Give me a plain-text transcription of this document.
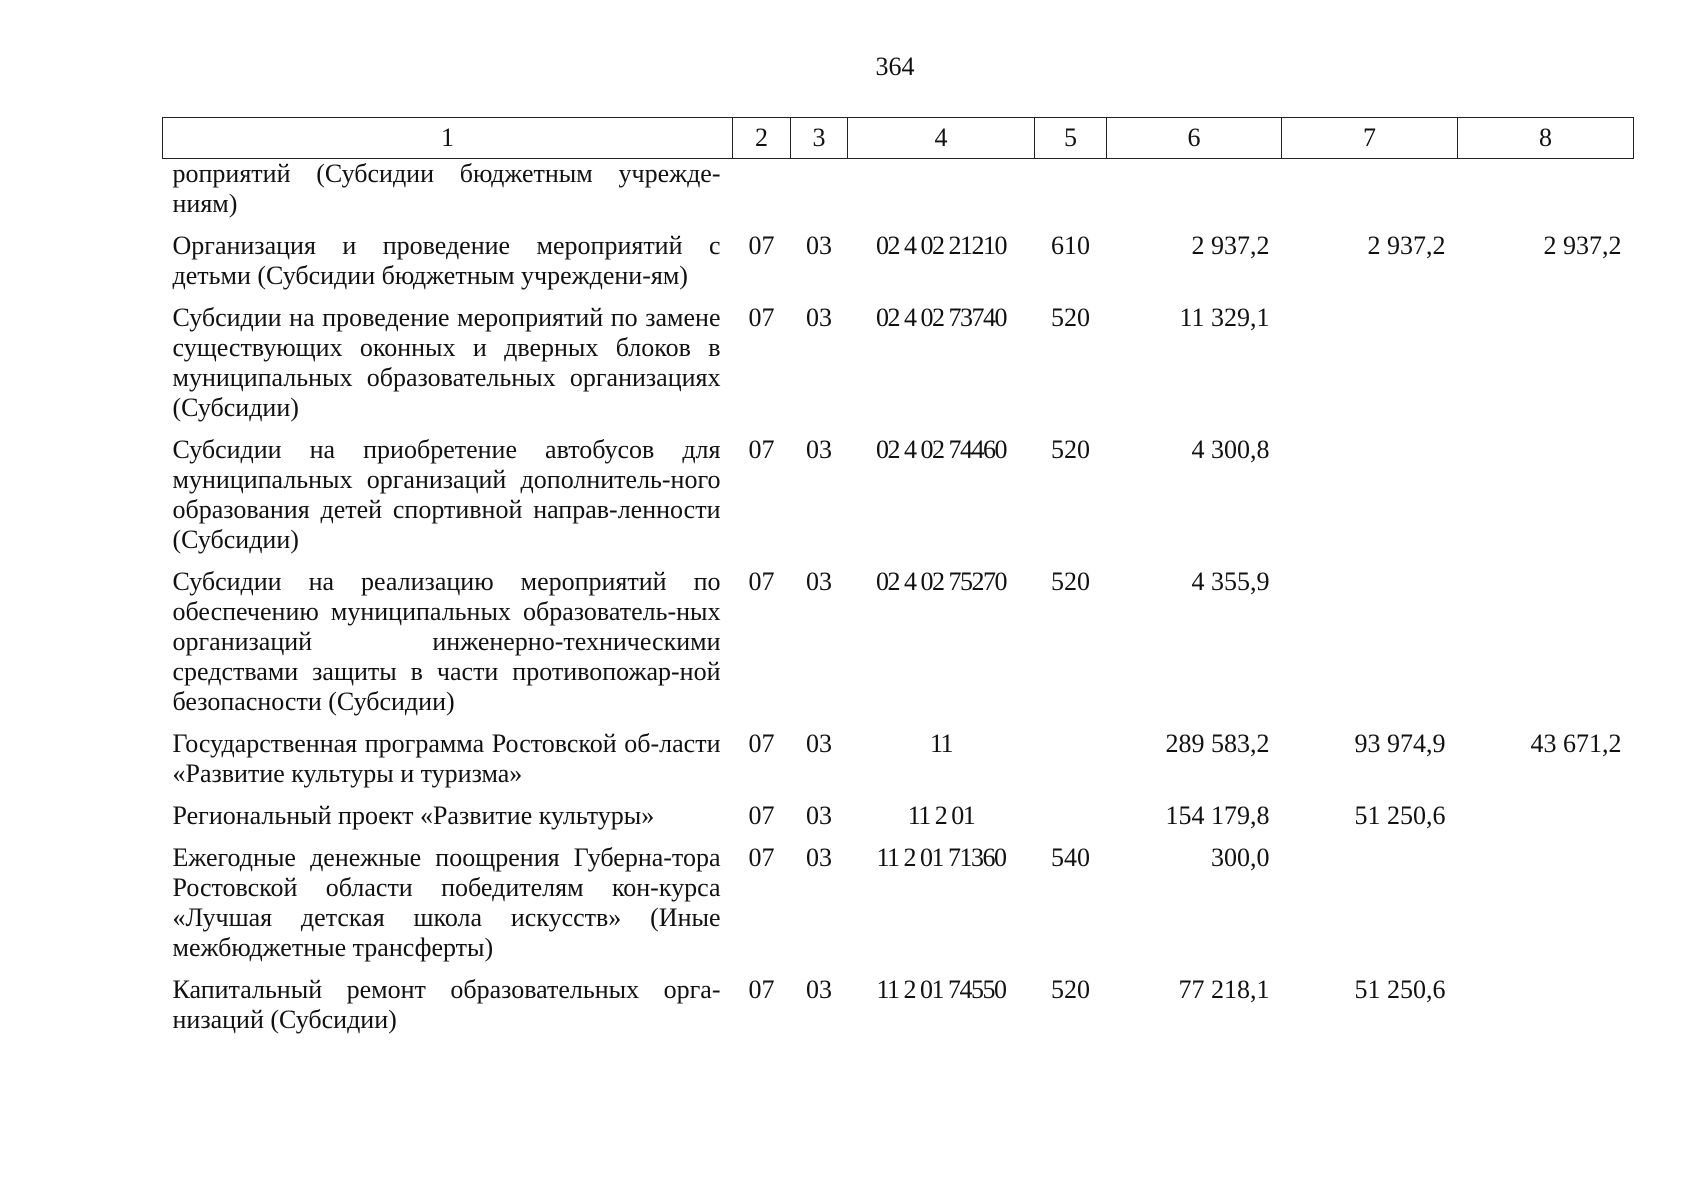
364
1	2	3	4	5	6	7	8
роприятий (Субсидии бюджетным учрежде-ниям)							
Организация и проведение мероприятий с детьми (Субсидии бюджетным учреждени-ям)	07	03	02 4 02 21210	610	2 937,2	2 937,2	2 937,2
Субсидии на проведение мероприятий по замене существующих оконных и дверных блоков в муниципальных образовательных организациях (Субсидии)	07	03	02 4 02 73740	520	11 329,1		
Субсидии на приобретение автобусов для муниципальных организаций дополнитель-ного образования детей спортивной направ-ленности (Субсидии)	07	03	02 4 02 74460	520	4 300,8		
Субсидии на реализацию мероприятий по обеспечению муниципальных образователь-ных организаций инженерно-техническими средствами защиты в части противопожар-ной безопасности (Субсидии)	07	03	02 4 02 75270	520	4 355,9		
Государственная программа Ростовской об-ласти «Развитие культуры и туризма»	07	03	11		289 583,2	93 974,9	43 671,2
Региональный проект «Развитие культуры»	07	03	11 2 01		154 179,8	51 250,6	
Ежегодные денежные поощрения Губерна-тора Ростовской области победителям кон-курса «Лучшая детская школа искусств» (Иные межбюджетные трансферты)	07	03	11 2 01 71360	540	300,0		
Капитальный ремонт образовательных орга-низаций (Субсидии)	07	03	11 2 01 74550	520	77 218,1	51 250,6	
